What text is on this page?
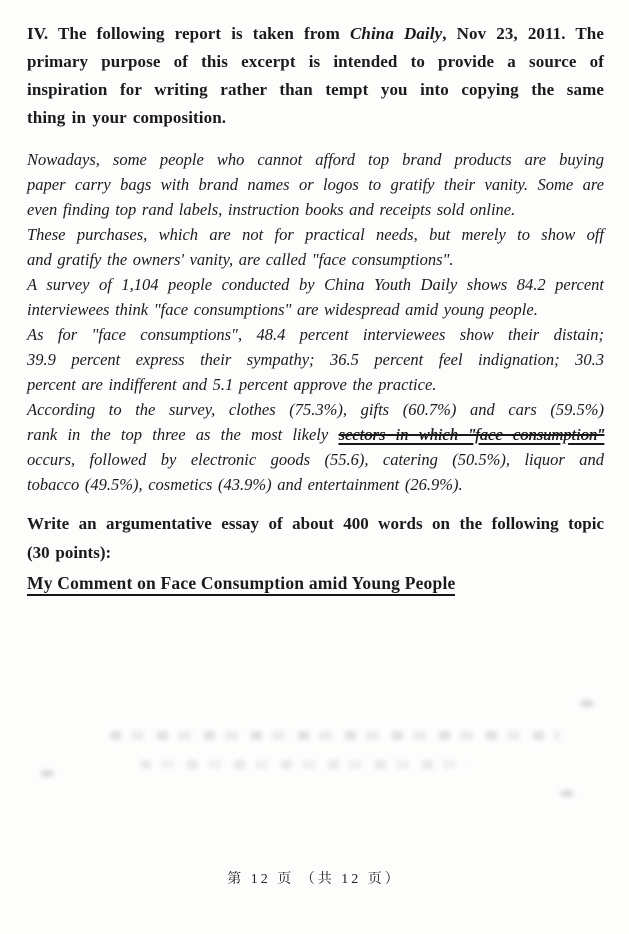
IV. The following report is taken from China Daily, Nov 23, 2011. The
primary purpose of this excerpt is intended to provide a source of
inspiration for writing rather than tempt you into copying the same
thing in your composition.
Nowadays, some people who cannot afford top brand products are buying
paper carry bags with brand names or logos to gratify their vanity. Some are
even finding top rand labels, instruction books and receipts sold online.
These purchases, which are not for practical needs, but merely to show off
and gratify the owners' vanity, are called "face consumptions".
A survey of 1,104 people conducted by China Youth Daily shows 84.2 percent
interviewees think "face consumptions" are widespread amid young people.
As for "face consumptions", 48.4 percent interviewees show their distain;
39.9 percent express their sympathy; 36.5 percent feel indignation; 30.3
percent are indifferent and 5.1 percent approve the practice.
According to the survey, clothes (75.3%), gifts (60.7%) and cars (59.5%)
rank in the top three as the most likely sectors in which "face consumption"
occurs, followed by electronic goods (55.6), catering (50.5%), liquor and
tobacco (49.5%), cosmetics (43.9%) and entertainment (26.9%).
Write an argumentative essay of about 400 words on the following topic
(30 points):
My Comment on Face Consumption amid Young People
第 12 页 （共 12 页）
